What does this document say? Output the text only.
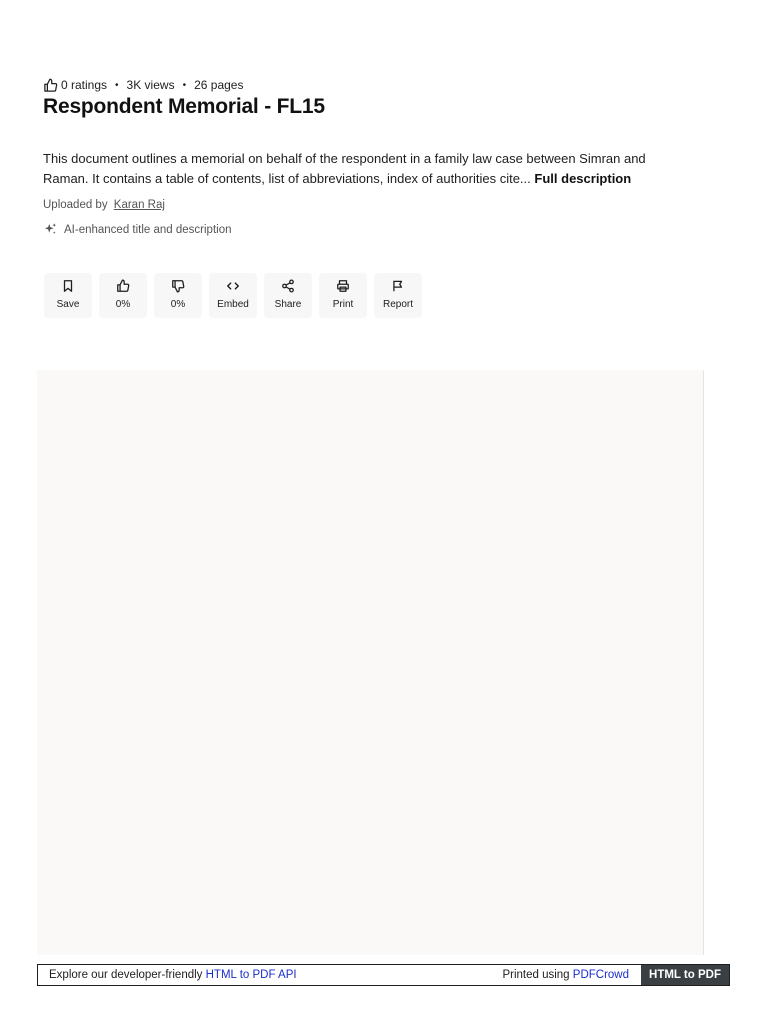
0 ratings • 3K views • 26 pages
Respondent Memorial - FL15

This document outlines a memorial on behalf of the respondent in a family law case between Simran and Raman. It contains a table of contents, list of abbreviations, index of authorities cite... Full description

Uploaded by Karan Raj
AI-enhanced title and description
Save	0%	0%	Embed	Share	Print	Report
Explore our developer-friendly HTML to PDF API	Printed using PDFCrowd	HTML to PDF
